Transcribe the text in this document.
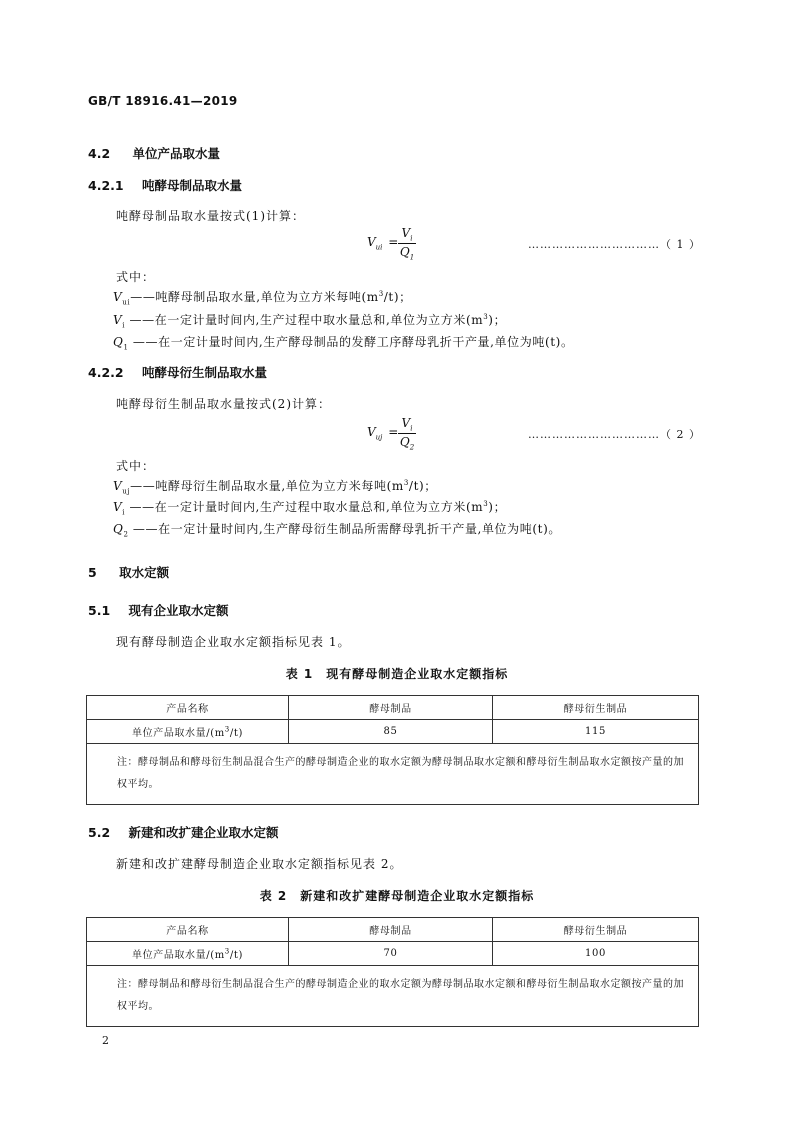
GB/T 18916.41—2019
4.2 单位产品取水量
4.2.1 吨酵母制品取水量
吨酵母制品取水量按式(1)计算：
$V_{ui}$ =
$V_i$
$Q_1$
……………………………（ 1 ）
式中：
$V_{ui}——$吨酵母制品取水量,单位为立方米每吨$(m^3/t)$；
$V_i$ ——在一定计量时间内,生产过程中取水量总和,单位为立方米$(m^3)$；
$Q_1$ ——在一定计量时间内,生产酵母制品的发酵工序酵母乳折干产量,单位为吨(t)。
4.2.2 吨酵母衍生制品取水量
吨酵母衍生制品取水量按式(2)计算：
$V_{uj}$ =
$V_i$
$Q_2$
……………………………（ 2 ）
式中：
$V_{uj}——$吨酵母衍生制品取水量,单位为立方米每吨$(m^3/t)$；
$V_i$ ——在一定计量时间内,生产过程中取水量总和,单位为立方米$(m^3)$；
$Q_2$ ——在一定计量时间内,生产酵母衍生制品所需酵母乳折干产量,单位为吨(t)。
5 取水定额
5.1 现有企业取水定额
现有酵母制造企业取水定额指标见表 1。
表 1　现有酵母制造企业取水定额指标
产品名称	酵母制品	酵母衍生制品
单位产品取水量$/(m^3/t)$	85	115
注：酵母制品和酵母衍生制品混合生产的酵母制造企业的取水定额为酵母制品取水定额和酵母衍生制品取水定额按产量的加权平均。		
5.2 新建和改扩建企业取水定额
新建和改扩建酵母制造企业取水定额指标见表 2。
表 2　新建和改扩建酵母制造企业取水定额指标
产品名称	酵母制品	酵母衍生制品
单位产品取水量$/(m^3/t)$	70	100
注：酵母制品和酵母衍生制品混合生产的酵母制造企业的取水定额为酵母制品取水定额和酵母衍生制品取水定额按产量的加权平均。		
2
